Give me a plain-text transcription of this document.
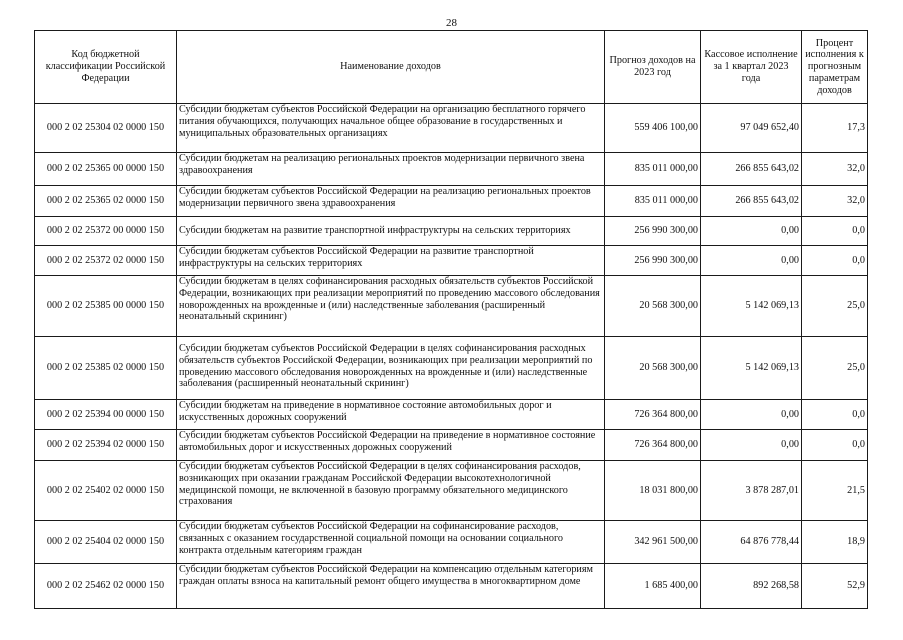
28
Код бюджетной классификации Российской Федерации	Наименование доходов	Прогноз доходов на 2023 год	Кассовое исполнение за 1 квартал 2023 года	Процент исполнения к прогнозным параметрам доходов
000 2 02 25304 02 0000 150	Субсидии бюджетам субъектов Российской Федерации на организацию бесплатного горячего питания обучающихся, получающих начальное общее образование в государственных и муниципальных образовательных организациях	559 406 100,00	97 049 652,40	17,3
000 2 02 25365 00 0000 150	Субсидии бюджетам на реализацию региональных проектов модернизации первичного звена здравоохранения	835 011 000,00	266 855 643,02	32,0
000 2 02 25365 02 0000 150	Субсидии бюджетам субъектов Российской Федерации на реализацию региональных проектов модернизации первичного звена здравоохранения	835 011 000,00	266 855 643,02	32,0
000 2 02 25372 00 0000 150	Субсидии бюджетам на развитие транспортной инфраструктуры на сельских территориях	256 990 300,00	0,00	0,0
000 2 02 25372 02 0000 150	Субсидии бюджетам субъектов Российской Федерации на развитие транспортной инфраструктуры на сельских территориях	256 990 300,00	0,00	0,0
000 2 02 25385 00 0000 150	Субсидии бюджетам в целях софинансирования расходных обязательств субъектов Российской Федерации, возникающих при реализации мероприятий по проведению массового обследования новорожденных на врожденные и (или) наследственные заболевания (расширенный неонатальный скрининг)	20 568 300,00	5 142 069,13	25,0
000 2 02 25385 02 0000 150	Субсидии бюджетам субъектов Российской Федерации в целях софинансирования расходных обязательств субъектов Российской Федерации, возникающих при реализации мероприятий по проведению массового обследования новорожденных на врожденные и (или) наследственные заболевания (расширенный неонатальный скрининг)	20 568 300,00	5 142 069,13	25,0
000 2 02 25394 00 0000 150	Субсидии бюджетам на приведение в нормативное состояние автомобильных дорог и искусственных дорожных сооружений	726 364 800,00	0,00	0,0
000 2 02 25394 02 0000 150	Субсидии бюджетам субъектов Российской Федерации на приведение в нормативное состояние автомобильных дорог и искусственных дорожных сооружений	726 364 800,00	0,00	0,0
000 2 02 25402 02 0000 150	Субсидии бюджетам субъектов Российской Федерации в целях софинансирования расходов, возникающих при оказании гражданам Российской Федерации высокотехнологичной медицинской помощи, не включенной в базовую программу обязательного медицинского страхования	18 031 800,00	3 878 287,01	21,5
000 2 02 25404 02 0000 150	Субсидии бюджетам субъектов Российской Федерации на софинансирование расходов, связанных с оказанием государственной социальной помощи на основании социального контракта отдельным категориям граждан	342 961 500,00	64 876 778,44	18,9
000 2 02 25462 02 0000 150	Субсидии бюджетам субъектов Российской Федерации на компенсацию отдельным категориям граждан оплаты взноса на капитальный ремонт общего имущества в многоквартирном доме	1 685 400,00	892 268,58	52,9
